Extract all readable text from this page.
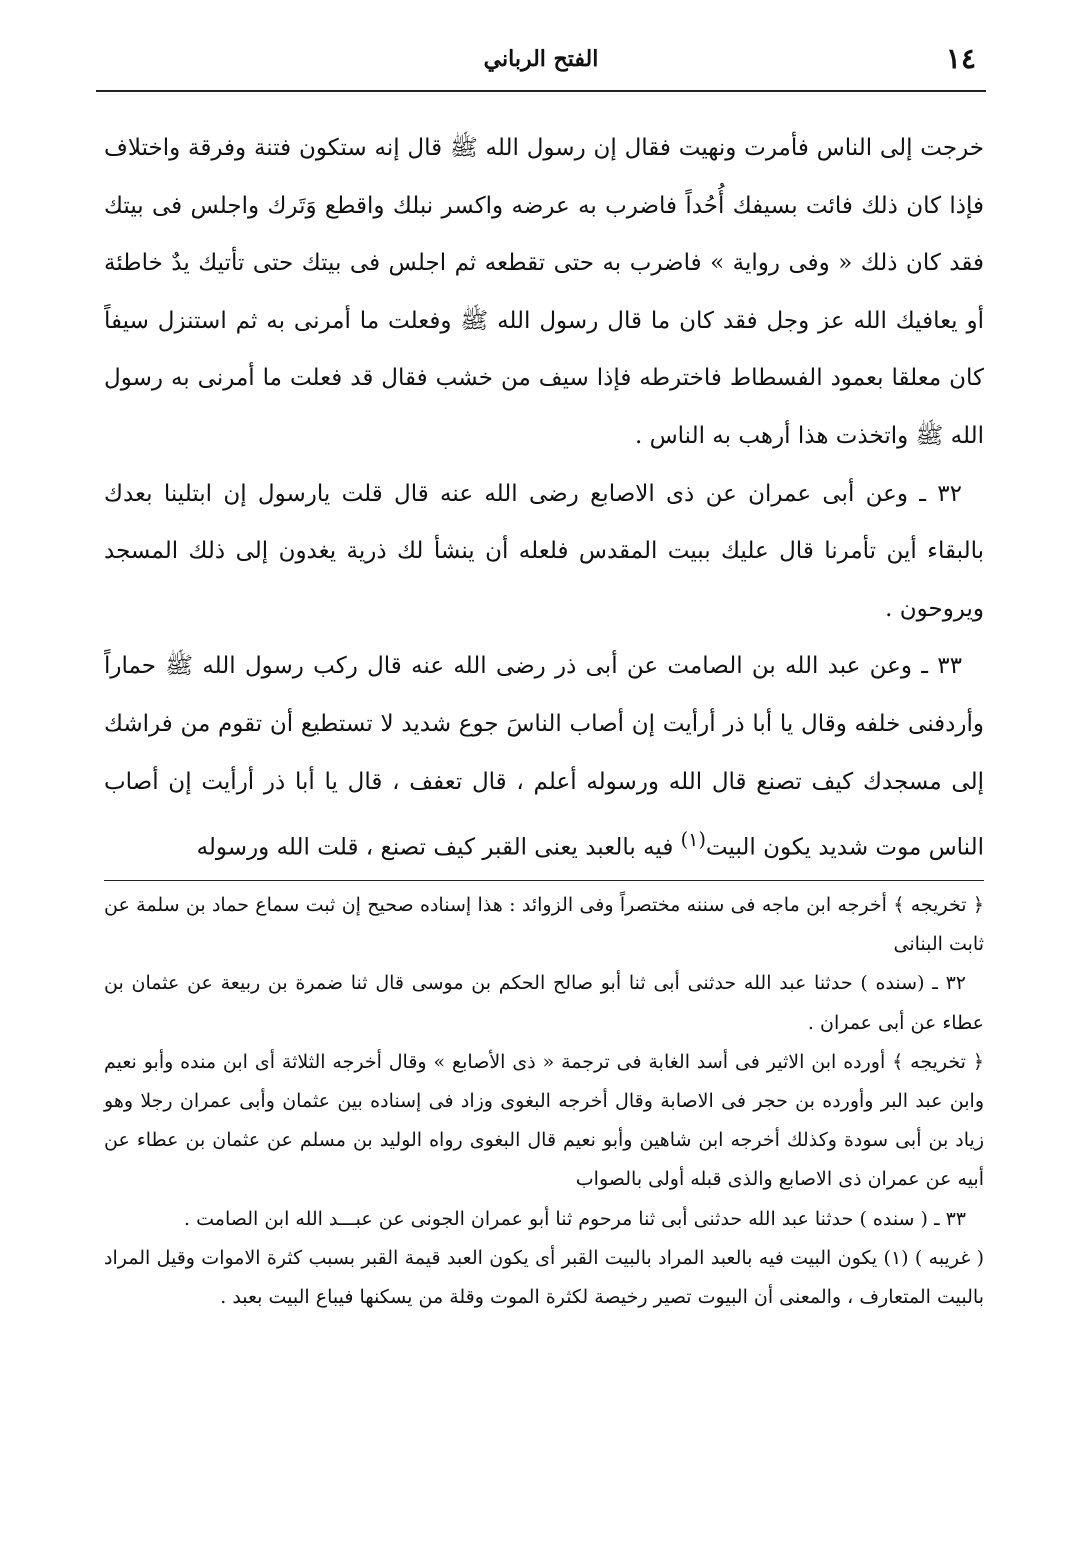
١٤
الفتح الرباني

خرجت إلى الناس فأمرت ونهيت فقال إن رسول الله ﷺ قال إنه ستكون فتنة وفرقة واختلاف فإذا كان ذلك فائت بسيفك أُحُداً فاضرب به عرضه واكسر نبلك واقطع وَتَرك واجلس فى بيتك فقد كان ذلك « وفى رواية » فاضرب به حتى تقطعه ثم اجلس فى بيتك حتى تأتيك يدٌ خاطئة أو يعافيك الله عز وجل فقد كان ما قال رسول الله ﷺ وفعلت ما أمرنى به ثم استنزل سيفاً كان معلقا بعمود الفسطاط فاخترطه فإذا سيف من خشب فقال قد فعلت ما أمرنى به رسول الله ﷺ واتخذت هذا أرهب به الناس .

٣٢ ـ وعن أبى عمران عن ذى الاصابع رضى الله عنه قال قلت يارسول إن ابتلينا بعدك بالبقاء أين تأمرنا قال عليك ببيت المقدس فلعله أن ينشأ لك ذرية يغدون إلى ذلك المسجد ويروحون .

٣٣ ـ وعن عبد الله بن الصامت عن أبى ذر رضى الله عنه قال ركب رسول الله ﷺ حماراً وأردفنى خلفه وقال يا أبا ذر أرأيت إن أصاب الناسَ جوع شديد لا تستطيع أن تقوم من فراشك إلى مسجدك كيف تصنع قال الله ورسوله أعلم ، قال تعفف ، قال يا أبا ذر أرأيت إن أصاب الناس موت شديد يكون البيت$^{(١)}$ فيه بالعبد يعنى القبر كيف تصنع ، قلت الله ورسوله

﴿ تخريجه ﴾ أخرجه ابن ماجه فى سننه مختصراً وفى الزوائد : هذا إسناده صحيح إن ثبت سماع حماد بن سلمة عن ثابت البنانى

٣٢ ـ (سنده ) حدثنا عبد الله حدثنى أبى ثنا أبو صالح الحكم بن موسى قال ثنا ضمرة بن ربيعة عن عثمان بن عطاء عن أبى عمران .

﴿ تخريجه ﴾ أورده ابن الاثير فى أسد الغابة فى ترجمة « ذى الأصابع » وقال أخرجه الثلاثة أى ابن منده وأبو نعيم وابن عبد البر وأورده بن حجر فى الاصابة وقال أخرجه البغوى وزاد فى إسناده بين عثمان وأبى عمران رجلا وهو زياد بن أبى سودة وكذلك أخرجه ابن شاهين وأبو نعيم قال البغوى رواه الوليد بن مسلم عن عثمان بن عطاء عن أبيه عن عمران ذى الاصابع والذى قبله أولى بالصواب

٣٣ ـ ( سنده ) حدثنا عبد الله حدثنى أبى ثنا مرحوم ثنا أبو عمران الجونى عن عبـــد الله ابن الصامت .

( غريبه ) (١) يكون البيت فيه بالعبد المراد بالبيت القبر أى يكون العبد قيمة القبر بسبب كثرة الاموات وقيل المراد بالبيت المتعارف ، والمعنى أن البيوت تصير رخيصة لكثرة الموت وقلة من يسكنها فيباع البيت بعبد .
